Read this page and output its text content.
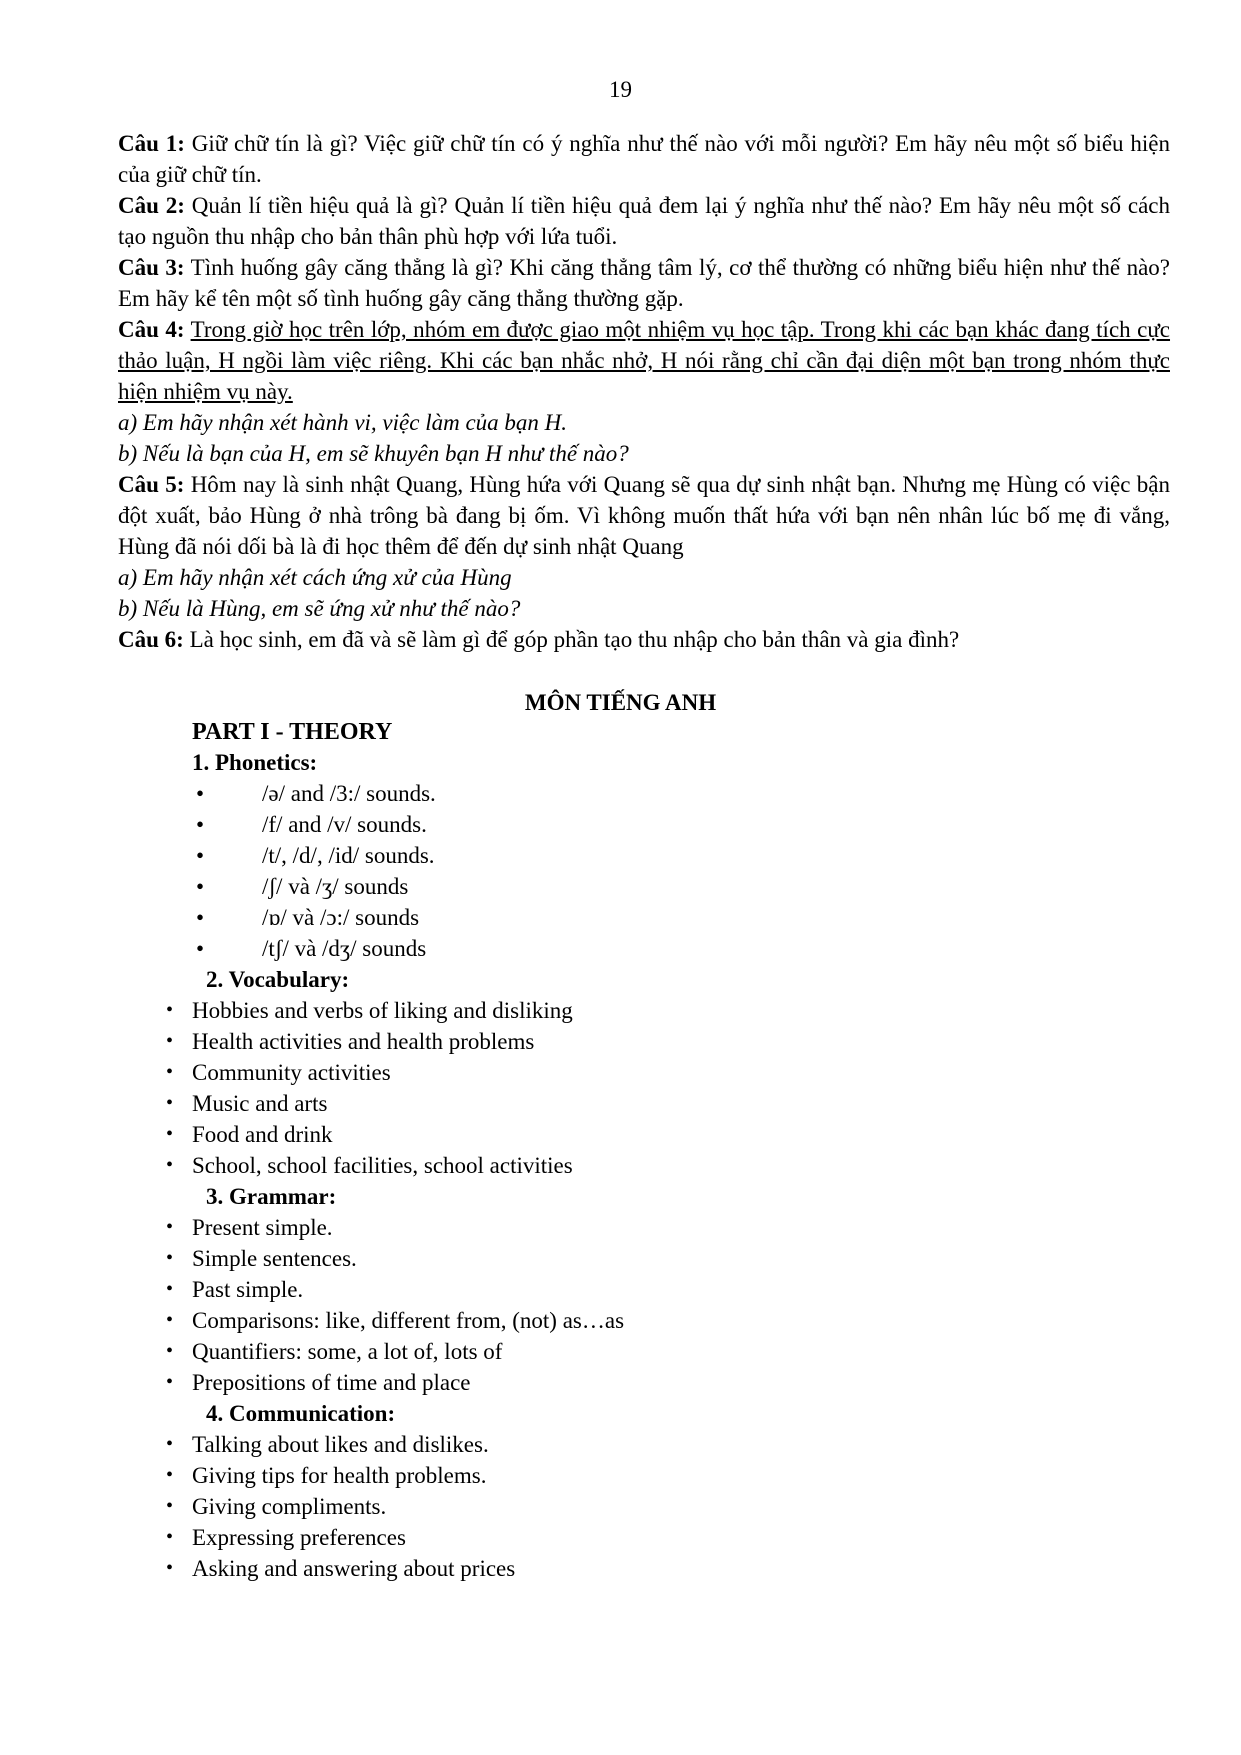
19

Câu 1: Giữ chữ tín là gì? Việc giữ chữ tín có ý nghĩa như thế nào với mỗi người? Em hãy nêu một số biểu hiện của giữ chữ tín.

Câu 2: Quản lí tiền hiệu quả là gì? Quản lí tiền hiệu quả đem lại ý nghĩa như thế nào? Em hãy nêu một số cách tạo nguồn thu nhập cho bản thân phù hợp với lứa tuổi.

Câu 3: Tình huống gây căng thẳng là gì? Khi căng thẳng tâm lý, cơ thể thường có những biểu hiện như thế nào? Em hãy kể tên một số tình huống gây căng thẳng thường gặp.

Câu 4: Trong giờ học trên lớp, nhóm em được giao một nhiệm vụ học tập. Trong khi các bạn khác đang tích cực thảo luận, H ngồi làm việc riêng. Khi các bạn nhắc nhở, H nói rằng chỉ cần đại diện một bạn trong nhóm thực hiện nhiệm vụ này.

a) Em hãy nhận xét hành vi, việc làm của bạn H.

b) Nếu là bạn của H, em sẽ khuyên bạn H như thế nào?

Câu 5: Hôm nay là sinh nhật Quang, Hùng hứa với Quang sẽ qua dự sinh nhật bạn. Nhưng mẹ Hùng có việc bận đột xuất, bảo Hùng ở nhà trông bà đang bị ốm. Vì không muốn thất hứa với bạn nên nhân lúc bố mẹ đi vắng, Hùng đã nói dối bà là đi học thêm để đến dự sinh nhật Quang

a) Em hãy nhận xét cách ứng xử của Hùng

b) Nếu là Hùng, em sẽ ứng xử như thế nào?

Câu 6: Là học sinh, em đã và sẽ làm gì để góp phần tạo thu nhập cho bản thân và gia đình?

MÔN TIẾNG ANH
PART I - THEORY
1. Phonetics:
•	/ə/ and /3:/ sounds.
•	/f/ and /v/ sounds.
•	/t/, /d/, /id/ sounds.
•	/ʃ/ và /ʒ/ sounds
•	/ɒ/ và /ɔ:/ sounds
•	/tʃ/ và /dʒ/ sounds
2. Vocabulary:
• Hobbies and verbs of liking and disliking
• Health activities and health problems
• Community activities
• Music and arts
• Food and drink
• School, school facilities, school activities
3. Grammar:
• Present simple.
• Simple sentences.
• Past simple.
• Comparisons: like, different from, (not) as…as
• Quantifiers: some, a lot of, lots of
• Prepositions of time and place
4. Communication:
• Talking about likes and dislikes.
• Giving tips for health problems.
• Giving compliments.
• Expressing preferences
• Asking and answering about prices
